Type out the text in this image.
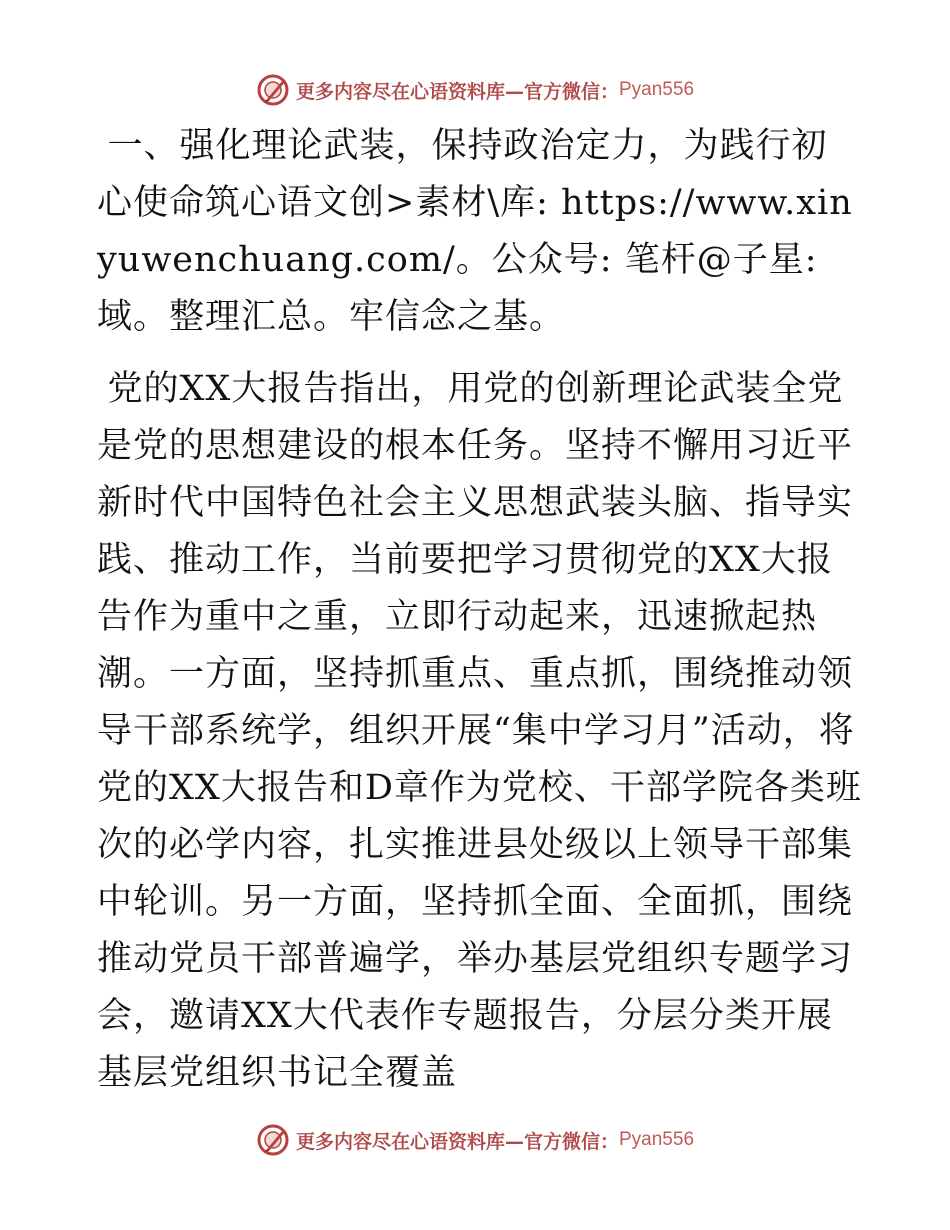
更多内容尽在心语资料库—官方微信： Pyan556

一、强化理论武装，保持政治定力，为践行初心使命筑心语文创>素材\库: https://www.xinyuwenchuang.com/。公众号: 笔杆@子星:域。整理汇总。牢信念之基。

党的XX大报告指出，用党的创新理论武装全党是党的思想建设的根本任务。坚持不懈用习近平新时代中国特色社会主义思想武装头脑、指导实践、推动工作，当前要把学习贯彻党的XX大报告作为重中之重，立即行动起来，迅速掀起热潮。一方面，坚持抓重点、重点抓，围绕推动领导干部系统学，组织开展“集中学习月”活动，将党的XX大报告和D章作为党校、干部学院各类班次的必学内容，扎实推进县处级以上领导干部集中轮训。另一方面，坚持抓全面、全面抓，围绕推动党员干部普遍学，举办基层党组织专题学习会，邀请XX大代表作专题报告，分层分类开展基层党组织书记全覆盖

更多内容尽在心语资料库—官方微信： Pyan556
